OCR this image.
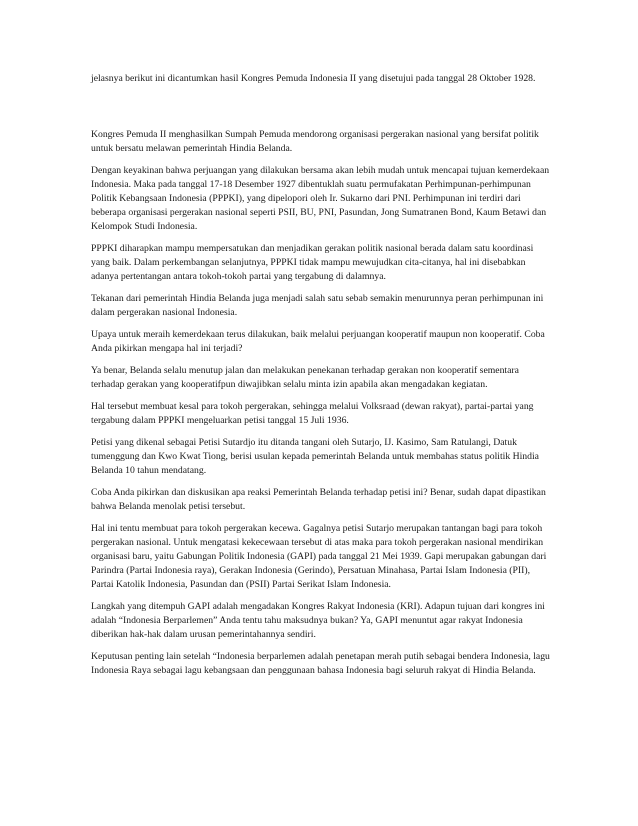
jelasnya berikut ini dicantumkan hasil Kongres Pemuda Indonesia II yang disetujui pada tanggal 28 Oktober 1928.

Kongres Pemuda II menghasilkan Sumpah Pemuda mendorong organisasi pergerakan nasional yang bersifat politik untuk bersatu melawan pemerintah Hindia Belanda.

Dengan keyakinan bahwa perjuangan yang dilakukan bersama akan lebih mudah untuk mencapai tujuan kemerdekaan Indonesia. Maka pada tanggal 17-18 Desember 1927 dibentuklah suatu permufakatan Perhimpunan-perhimpunan Politik Kebangsaan Indonesia (PPPKI), yang dipelopori oleh Ir. Sukarno dari PNI. Perhimpunan ini terdiri dari beberapa organisasi pergerakan nasional seperti PSII, BU, PNI, Pasundan, Jong Sumatranen Bond, Kaum Betawi dan Kelompok Studi Indonesia.

PPPKI diharapkan mampu mempersatukan dan menjadikan gerakan politik nasional berada dalam satu koordinasi yang baik. Dalam perkembangan selanjutnya, PPPKI tidak mampu mewujudkan cita-citanya, hal ini disebabkan adanya pertentangan antara tokoh-tokoh partai yang tergabung di dalamnya.

Tekanan dari pemerintah Hindia Belanda juga menjadi salah satu sebab semakin menurunnya peran perhimpunan ini dalam pergerakan nasional Indonesia.

Upaya untuk meraih kemerdekaan terus dilakukan, baik melalui perjuangan kooperatif maupun non kooperatif. Coba Anda pikirkan mengapa hal ini terjadi?

Ya benar, Belanda selalu menutup jalan dan melakukan penekanan terhadap gerakan non kooperatif sementara terhadap gerakan yang kooperatifpun diwajibkan selalu minta izin apabila akan mengadakan kegiatan.

Hal tersebut membuat kesal para tokoh pergerakan, sehingga melalui Volksraad (dewan rakyat), partai-partai yang tergabung dalam PPPKI mengeluarkan petisi tanggal 15 Juli 1936.

Petisi yang dikenal sebagai Petisi Sutardjo itu ditanda tangani oleh Sutarjo, IJ. Kasimo, Sam Ratulangi, Datuk tumenggung dan Kwo Kwat Tiong, berisi usulan kepada pemerintah Belanda untuk membahas status politik Hindia Belanda 10 tahun mendatang.

Coba Anda pikirkan dan diskusikan apa reaksi Pemerintah Belanda terhadap petisi ini? Benar, sudah dapat dipastikan bahwa Belanda menolak petisi tersebut.

Hal ini tentu membuat para tokoh pergerakan kecewa. Gagalnya petisi Sutarjo merupakan tantangan bagi para tokoh pergerakan nasional. Untuk mengatasi kekecewaan tersebut di atas maka para tokoh pergerakan nasional mendirikan organisasi baru, yaitu Gabungan Politik Indonesia (GAPI) pada tanggal 21 Mei 1939. Gapi merupakan gabungan dari Parindra (Partai Indonesia raya), Gerakan Indonesia (Gerindo), Persatuan Minahasa, Partai Islam Indonesia (PII), Partai Katolik Indonesia, Pasundan dan (PSII) Partai Serikat Islam Indonesia.

Langkah yang ditempuh GAPI adalah mengadakan Kongres Rakyat Indonesia (KRI). Adapun tujuan dari kongres ini adalah “Indonesia Berparlemen” Anda tentu tahu maksudnya bukan? Ya, GAPI menuntut agar rakyat Indonesia diberikan hak-hak dalam urusan pemerintahannya sendiri.

Keputusan penting lain setelah “Indonesia berparlemen adalah penetapan merah putih sebagai bendera Indonesia, lagu Indonesia Raya sebagai lagu kebangsaan dan penggunaan bahasa Indonesia bagi seluruh rakyat di Hindia Belanda.
